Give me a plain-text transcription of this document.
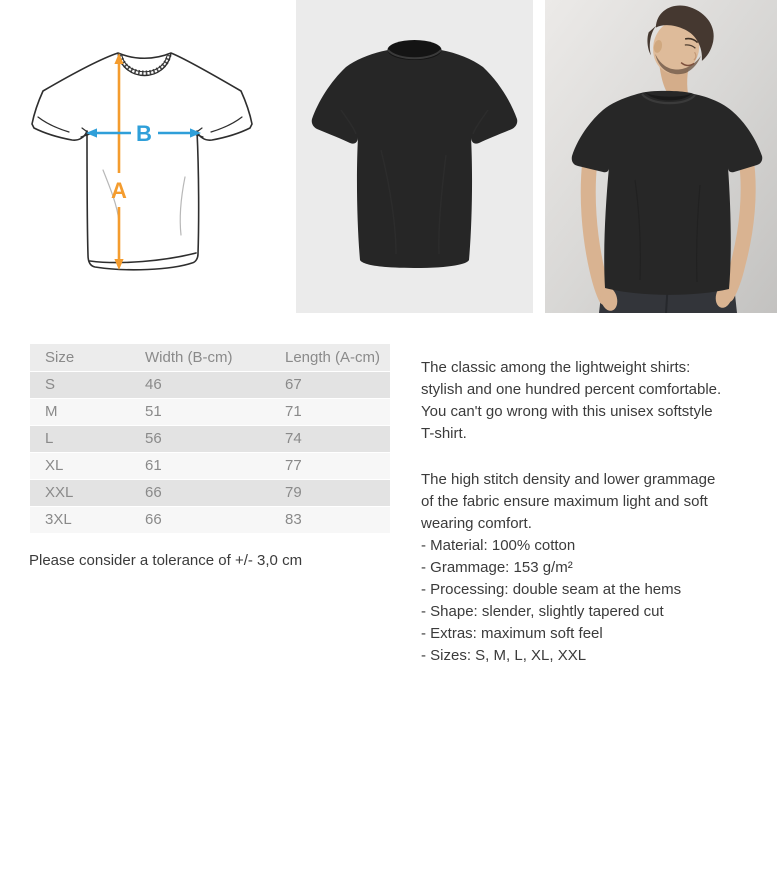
A
B
Size	Width (B-cm)	Length (A-cm)
S	46	67
M	51	71
L	56	74
XL	61	77
XXL	66	79
3XL	66	83
Please consider a tolerance of +/- 3,0 cm

The classic among the lightweight shirts:
stylish and one hundred percent comfortable.
You can't go wrong with this unisex softstyle
T-shirt.

The high stitch density and lower grammage
of the fabric ensure maximum light and soft
wearing comfort.

- Material: 100% cotton
- Grammage: 153 g/m²
- Processing: double seam at the hems
- Shape: slender, slightly tapered cut
- Extras: maximum soft feel
- Sizes: S, M, L, XL, XXL
